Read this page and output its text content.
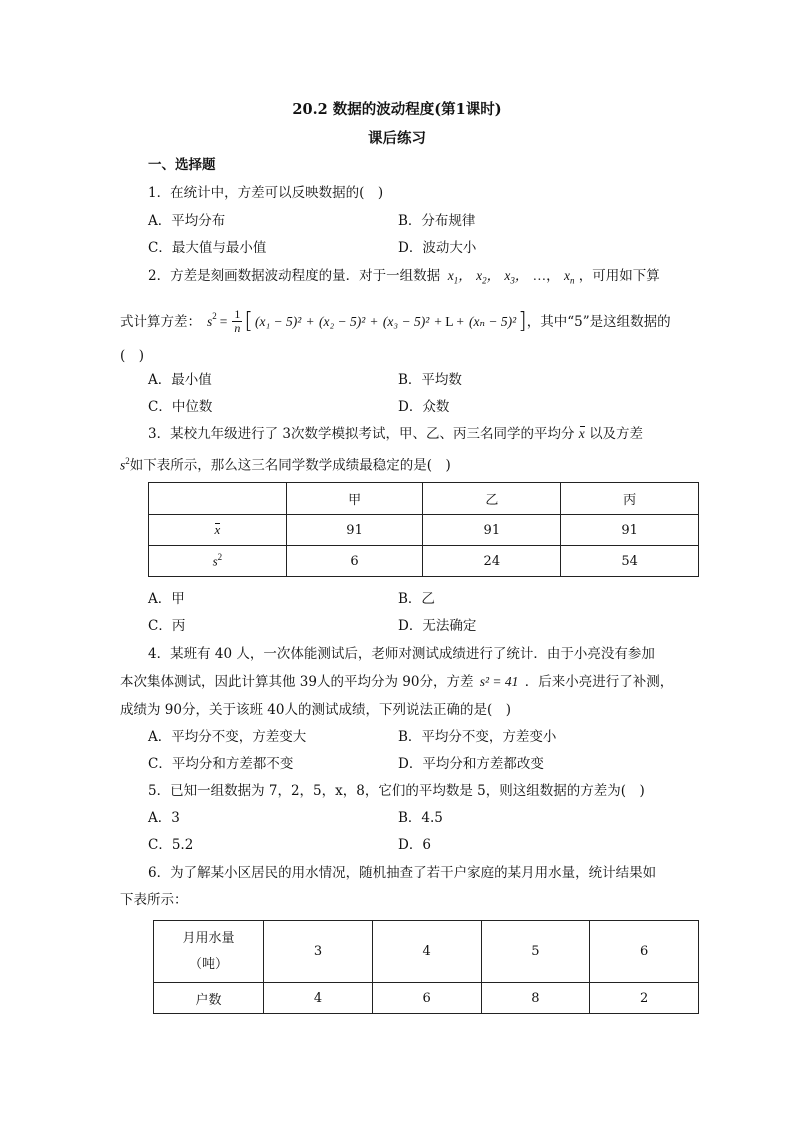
20.2 数据的波动程度(第1课时)
课后练习
一、选择题
1．在统计中，方差可以反映数据的(　)
A．平均分布	B．分布规律
C．最大值与最小值	D．波动大小
2．方差是刻画数据波动程度的量．对于一组数据 $x_1$， $x_2$， $x_3$， …， $x_n$ ，可用如下算
式计算方差： $s^2 = \frac{1}{n}$ [ (x₁ − 5)² + (x₂ − 5)² + (x₃ − 5)² + L + (xₙ − 5)² ] ，其中“5”是这组数据的
(　)
A．最小值	B．平均数
C．中位数	D．众数
3．某校九年级进行了 3次数学模拟考试，甲、乙、丙三名同学的平均分 x 以及方差
$s^2$如下表所示，那么这三名同学数学成绩最稳定的是(　)
	甲	乙	丙
x	91	91	91
$s^2$	6	24	54
A．甲	B．乙
C．丙	D．无法确定
4．某班有 40 人，一次体能测试后，老师对测试成绩进行了统计．由于小亮没有参加
本次集体测试，因此计算其他 39人的平均分为 90分，方差 s² = 41 ．后来小亮进行了补测，
成绩为 90分，关于该班 40人的测试成绩，下列说法正确的是(　)
A．平均分不变，方差变大	B．平均分不变，方差变小
C．平均分和方差都不变	D．平均分和方差都改变
5．已知一组数据为 7，2，5，x，8，它们的平均数是 5，则这组数据的方差为(　)
A．3	B．4.5
C．5.2	D．6
6．为了解某小区居民的用水情况，随机抽查了若干户家庭的某月用水量，统计结果如
下表所示：
月用水量
（吨）	3	4	5	6
户数	4	6	8	2
